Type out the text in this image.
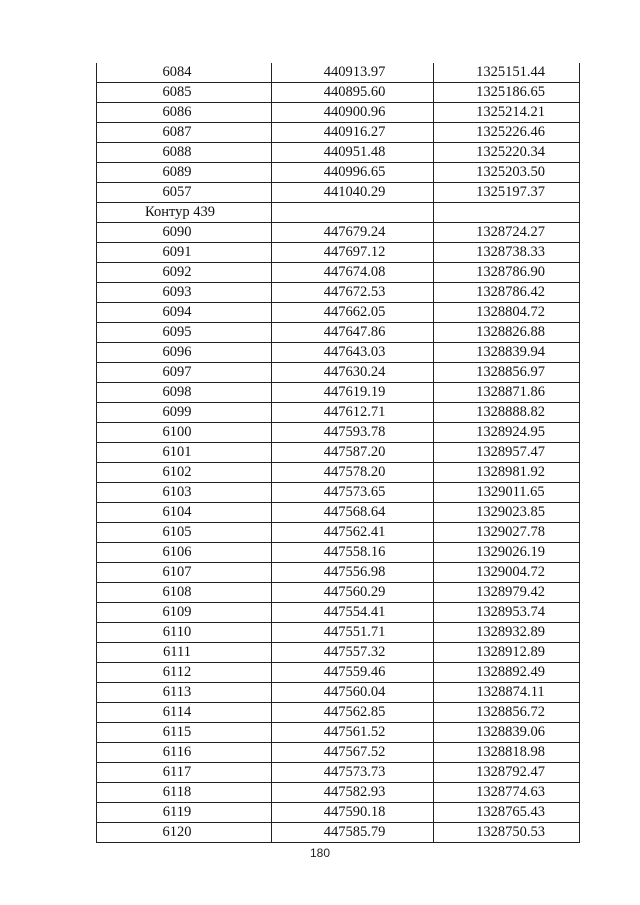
6084	440913.97	1325151.44
6085	440895.60	1325186.65
6086	440900.96	1325214.21
6087	440916.27	1325226.46
6088	440951.48	1325220.34
6089	440996.65	1325203.50
6057	441040.29	1325197.37
Контур 439		
6090	447679.24	1328724.27
6091	447697.12	1328738.33
6092	447674.08	1328786.90
6093	447672.53	1328786.42
6094	447662.05	1328804.72
6095	447647.86	1328826.88
6096	447643.03	1328839.94
6097	447630.24	1328856.97
6098	447619.19	1328871.86
6099	447612.71	1328888.82
6100	447593.78	1328924.95
6101	447587.20	1328957.47
6102	447578.20	1328981.92
6103	447573.65	1329011.65
6104	447568.64	1329023.85
6105	447562.41	1329027.78
6106	447558.16	1329026.19
6107	447556.98	1329004.72
6108	447560.29	1328979.42
6109	447554.41	1328953.74
6110	447551.71	1328932.89
6111	447557.32	1328912.89
6112	447559.46	1328892.49
6113	447560.04	1328874.11
6114	447562.85	1328856.72
6115	447561.52	1328839.06
6116	447567.52	1328818.98
6117	447573.73	1328792.47
6118	447582.93	1328774.63
6119	447590.18	1328765.43
6120	447585.79	1328750.53
180
